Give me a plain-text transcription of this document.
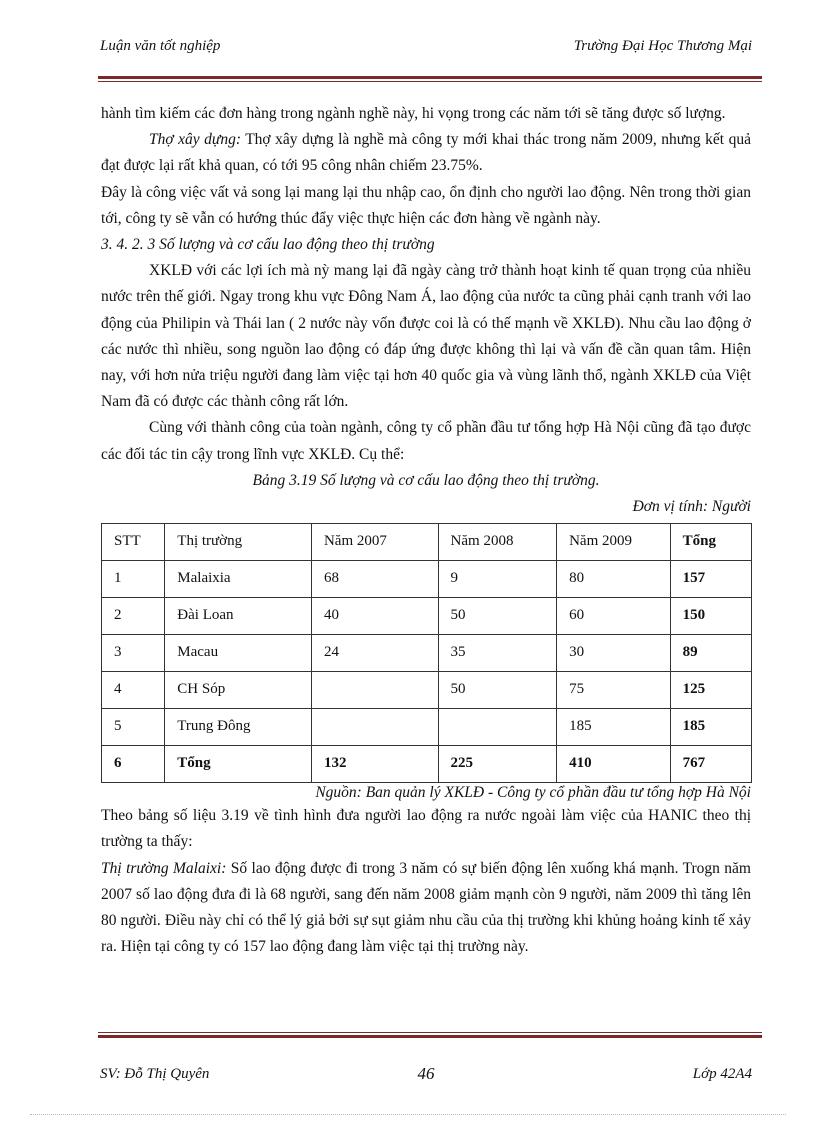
Luận văn tốt nghiệp	Trường Đại Học Thương Mại

hành tìm kiếm các đơn hàng trong ngành nghề này, hi vọng trong các năm tới sẽ tăng được số lượng.

Thợ xây dựng: Thợ xây dựng là nghề mà công ty mới khai thác trong năm 2009, nhưng kết quả đạt được lại rất khả quan, có tới 95 công nhân chiếm 23.75%.

Đây là công việc vất vả song lại mang lại thu nhập cao, ổn định cho người lao động. Nên trong thời gian tới, công ty sẽ vẫn có hướng thúc đẩy việc thực hiện các đơn hàng về ngành này.

3. 4. 2. 3 Số lượng và cơ cấu lao động theo thị trường

XKLĐ với các lợi ích mà nỳ mang lại đã ngày càng trở thành hoạt kinh tế quan trọng của nhiều nước trên thế giới. Ngay trong khu vực Đông Nam Á, lao động của nước ta cũng phải cạnh tranh với lao động của Philipin và Thái lan ( 2 nước này vốn được coi là có thế mạnh về XKLĐ). Nhu cầu lao động ở các nước thì nhiều, song nguồn lao động có đáp ứng được không thì lại và vấn đề cần quan tâm. Hiện nay, với hơn nửa triệu người đang làm việc tại hơn 40 quốc gia và vùng lãnh thổ, ngành XKLĐ của Việt Nam đã có được các thành công rất lớn.

Cùng với thành công của toàn ngành, công ty cổ phần đầu tư tổng hợp Hà Nội cũng đã tạo được các đối tác tin cậy trong lĩnh vực XKLĐ. Cụ thể:

Bảng 3.19 Số lượng và cơ cấu lao động theo thị trường.

Đơn vị tính: Người

STT	Thị trường	Năm 2007	Năm 2008	Năm 2009	Tổng
1	Malaixia	68	9	80	157
2	Đài Loan	40	50	60	150
3	Macau	24	35	30	89
4	CH Sóp		50	75	125
5	Trung Đông			185	185
6	Tổng	132	225	410	767

Nguồn: Ban quản lý XKLĐ - Công ty cổ phần đầu tư tổng hợp Hà Nội

Theo bảng số liệu 3.19 về tình hình đưa người lao động ra nước ngoài làm việc của HANIC theo thị trường ta thấy:

Thị trường Malaixi: Số lao động được đi trong 3 năm có sự biến động lên xuống khá mạnh. Trogn năm 2007 số lao động đưa đi là 68 người, sang đến năm 2008 giảm mạnh còn 9 người, năm 2009 thì tăng lên 80 người. Điều này chỉ có thể lý giả bởi sự sụt giảm nhu cầu của thị trường khi khủng hoảng kinh tế xảy ra. Hiện tại công ty có 157 lao động đang làm việc tại thị trường này.

SV: Đỗ Thị Quyên	46	Lớp 42A4
